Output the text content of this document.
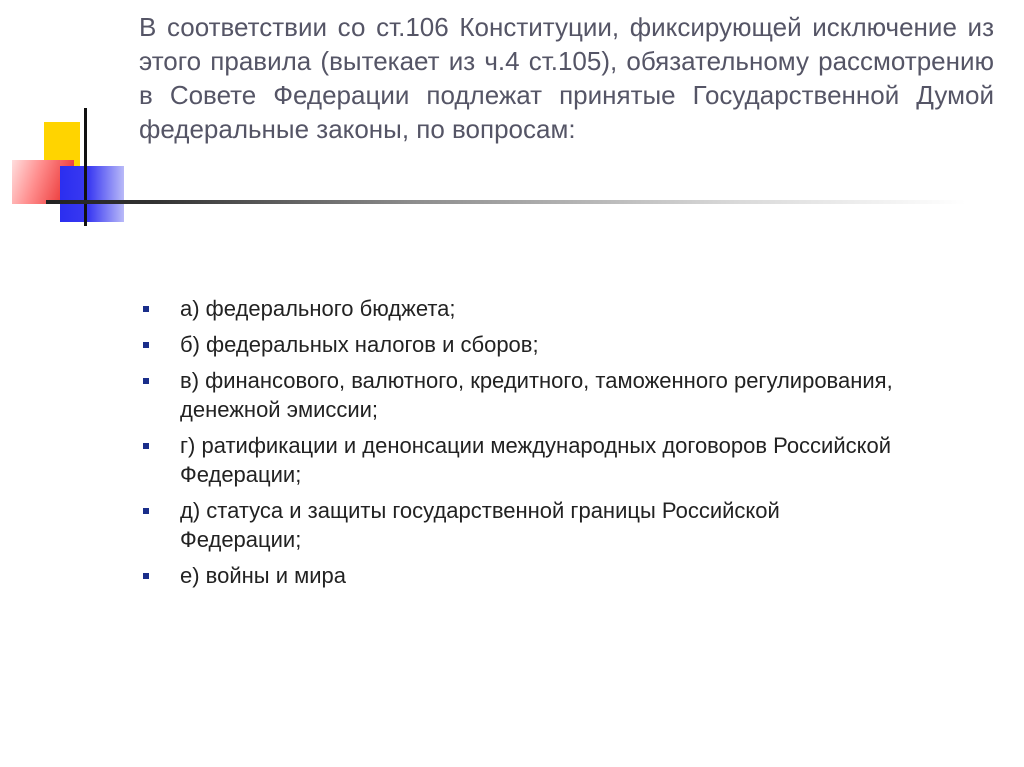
В соответствии со ст.106 Конституции, фиксирующей исключение из этого правила (вытекает из ч.4 ст.105), обязательному рассмотрению в Совете Федерации подлежат принятые Государственной Думой федеральные законы, по вопросам:

а) федерального бюджета;
б) федеральных налогов и сборов;
в) финансового, валютного, кредитного, таможенного регулирования, денежной эмиссии;
г) ратификации и денонсации международных договоров Российской Федерации;
д) статуса и защиты государственной границы Российской Федерации;
е) войны и мира
